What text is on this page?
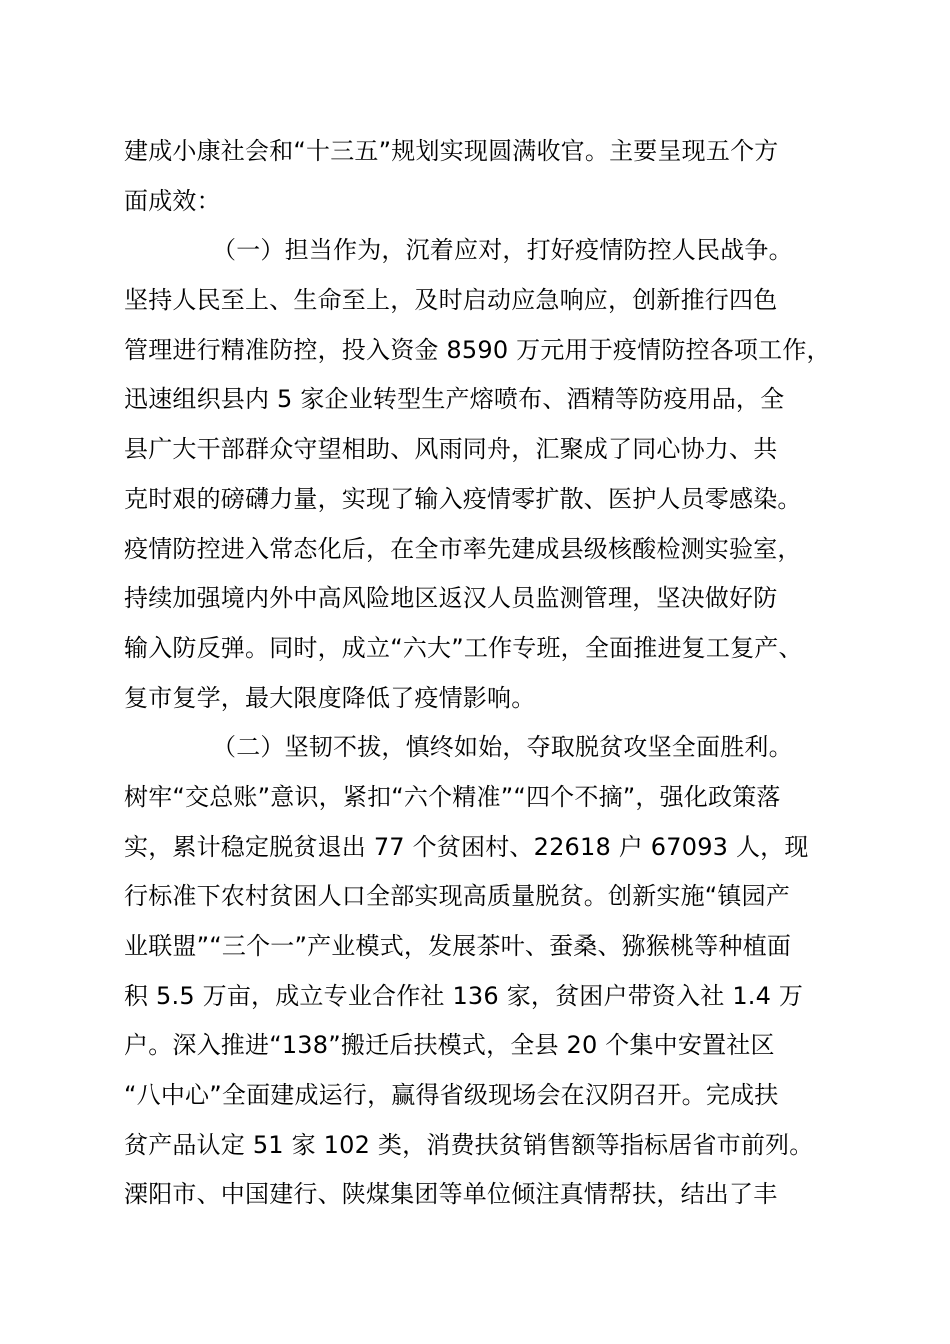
建成小康社会和“十三五”规划实现圆满收官。主要呈现五个方
面成效：
（一）担当作为，沉着应对，打好疫情防控人民战争。
坚持人民至上、生命至上，及时启动应急响应，创新推行四色
管理进行精准防控，投入资金 8590 万元用于疫情防控各项工作，
迅速组织县内 5 家企业转型生产熔喷布、酒精等防疫用品，全
县广大干部群众守望相助、风雨同舟，汇聚成了同心协力、共
克时艰的磅礴力量，实现了输入疫情零扩散、医护人员零感染。
疫情防控进入常态化后，在全市率先建成县级核酸检测实验室，
持续加强境内外中高风险地区返汉人员监测管理，坚决做好防
输入防反弹。同时，成立“六大”工作专班，全面推进复工复产、
复市复学，最大限度降低了疫情影响。
（二）坚韧不拔，慎终如始，夺取脱贫攻坚全面胜利。
树牢“交总账”意识，紧扣“六个精准”“四个不摘”，强化政策落
实，累计稳定脱贫退出 77 个贫困村、22618 户 67093 人，现
行标准下农村贫困人口全部实现高质量脱贫。创新实施“镇园产
业联盟”“三个一”产业模式，发展茶叶、蚕桑、猕猴桃等种植面
积 5.5 万亩，成立专业合作社 136 家，贫困户带资入社 1.4 万
户。深入推进“138”搬迁后扶模式，全县 20 个集中安置社区
“八中心”全面建成运行，赢得省级现场会在汉阴召开。完成扶
贫产品认定 51 家 102 类，消费扶贫销售额等指标居省市前列。
溧阳市、中国建行、陕煤集团等单位倾注真情帮扶，结出了丰
